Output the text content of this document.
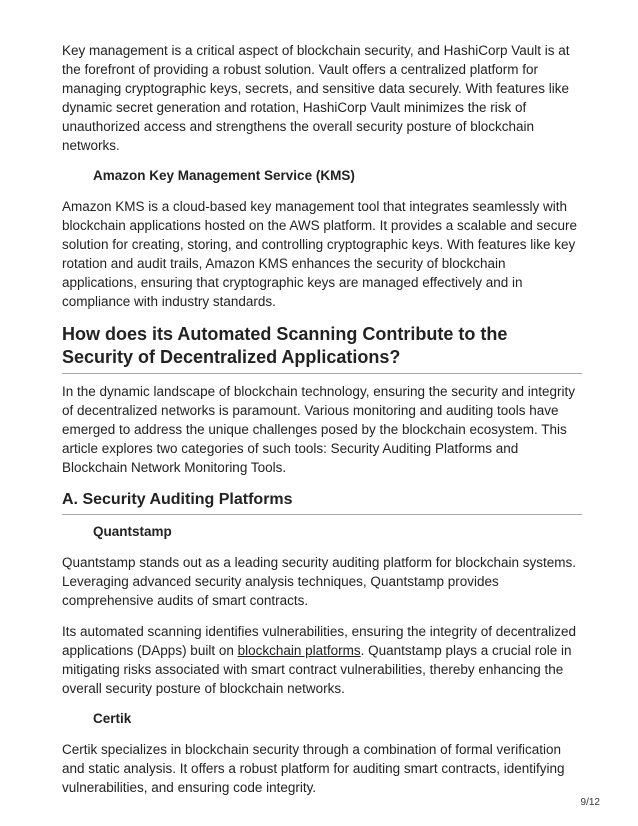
Key management is a critical aspect of blockchain security, and HashiCorp Vault is at the forefront of providing a robust solution. Vault offers a centralized platform for managing cryptographic keys, secrets, and sensitive data securely. With features like dynamic secret generation and rotation, HashiCorp Vault minimizes the risk of unauthorized access and strengthens the overall security posture of blockchain networks.

Amazon Key Management Service (KMS)

Amazon KMS is a cloud-based key management tool that integrates seamlessly with blockchain applications hosted on the AWS platform. It provides a scalable and secure solution for creating, storing, and controlling cryptographic keys. With features like key rotation and audit trails, Amazon KMS enhances the security of blockchain applications, ensuring that cryptographic keys are managed effectively and in compliance with industry standards.

How does its Automated Scanning Contribute to the Security of Decentralized Applications?

In the dynamic landscape of blockchain technology, ensuring the security and integrity of decentralized networks is paramount. Various monitoring and auditing tools have emerged to address the unique challenges posed by the blockchain ecosystem. This article explores two categories of such tools: Security Auditing Platforms and Blockchain Network Monitoring Tools.

A. Security Auditing Platforms
Quantstamp

Quantstamp stands out as a leading security auditing platform for blockchain systems. Leveraging advanced security analysis techniques, Quantstamp provides comprehensive audits of smart contracts.

Its automated scanning identifies vulnerabilities, ensuring the integrity of decentralized applications (DApps) built on blockchain platforms. Quantstamp plays a crucial role in mitigating risks associated with smart contract vulnerabilities, thereby enhancing the overall security posture of blockchain networks.

Certik

Certik specializes in blockchain security through a combination of formal verification and static analysis. It offers a robust platform for auditing smart contracts, identifying vulnerabilities, and ensuring code integrity.

9/12
